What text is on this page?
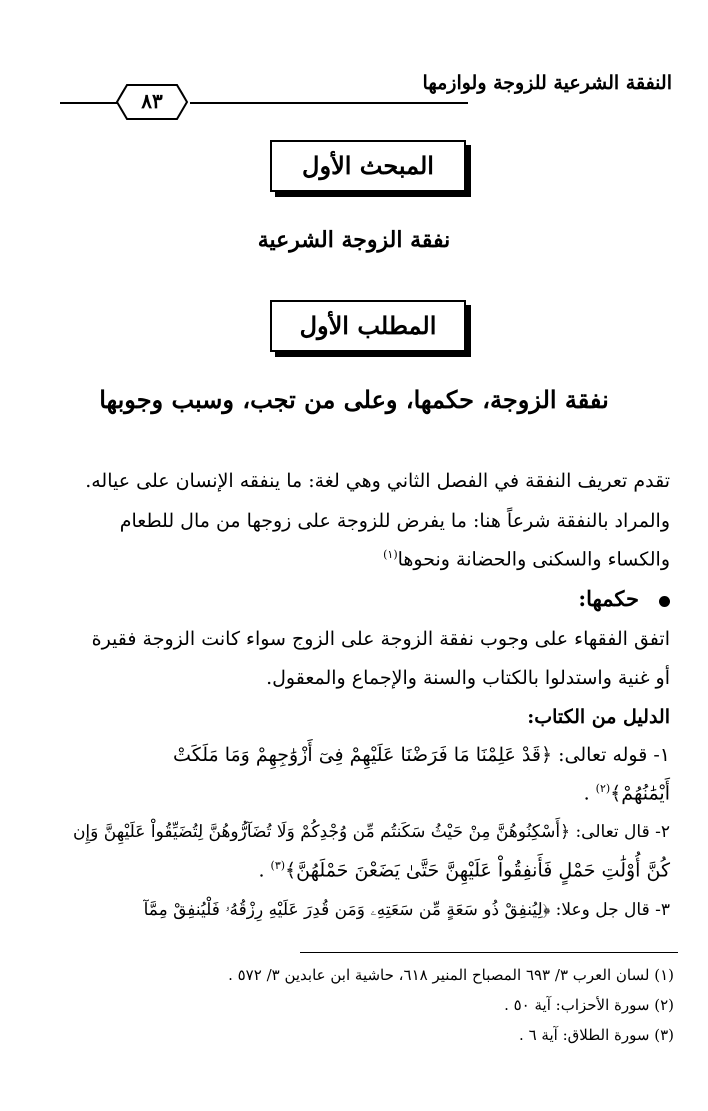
النفقة الشرعية للزوجة ولوازمها
٨٣
المبحث الأول
نفقة الزوجة الشرعية
المطلب الأول
نفقة الزوجة، حكمها، وعلى من تجب، وسبب وجوبها
تقدم تعريف النفقة في الفصل الثاني وهي لغة: ما ينفقه الإنسان على عياله.
والمراد بالنفقة شرعاً هنا: ما يفرض للزوجة على زوجها من مال للطعام
والكساء والسكنى والحضانة ونحوها$^{(١)}$
حكمها:
اتفق الفقهاء على وجوب نفقة الزوجة على الزوج سواء كانت الزوجة فقيرة
أو غنية واستدلوا بالكتاب والسنة والإجماع والمعقول.
الدليل من الكتاب:
١- قوله تعالى: ﴿قَدْ عَلِمْنَا مَا فَرَضْنَا عَلَيْهِمْ فِىٓ أَزْوَٰجِهِمْ وَمَا مَلَكَتْ
أَيْمَٰنُهُمْ﴾$^{(٢)}$ .
٢- قال تعالى: ﴿أَسْكِنُوهُنَّ مِنْ حَيْثُ سَكَنتُم مِّن وُجْدِكُمْ وَلَا تُضَآرُّوهُنَّ لِتُضَيِّقُواْ عَلَيْهِنَّ وَإِن
كُنَّ أُوْلَٰتِ حَمْلٍ فَأَنفِقُواْ عَلَيْهِنَّ حَتَّىٰ يَضَعْنَ حَمْلَهُنَّ﴾$^{(٣)}$ .
٣- قال جل وعلا: ﴿لِيُنفِقْ ذُو سَعَةٍ مِّن سَعَتِهِۦ وَمَن قُدِرَ عَلَيْهِ رِزْقُهُۥ فَلْيُنفِقْ مِمَّآ
(١) لسان العرب ٣/ ٦٩٣ المصباح المنير ٦١٨، حاشية ابن عابدين ٣/ ٥٧٢ .
(٢) سورة الأحزاب: آية ٥٠ .
(٣) سورة الطلاق: آية ٦ .
